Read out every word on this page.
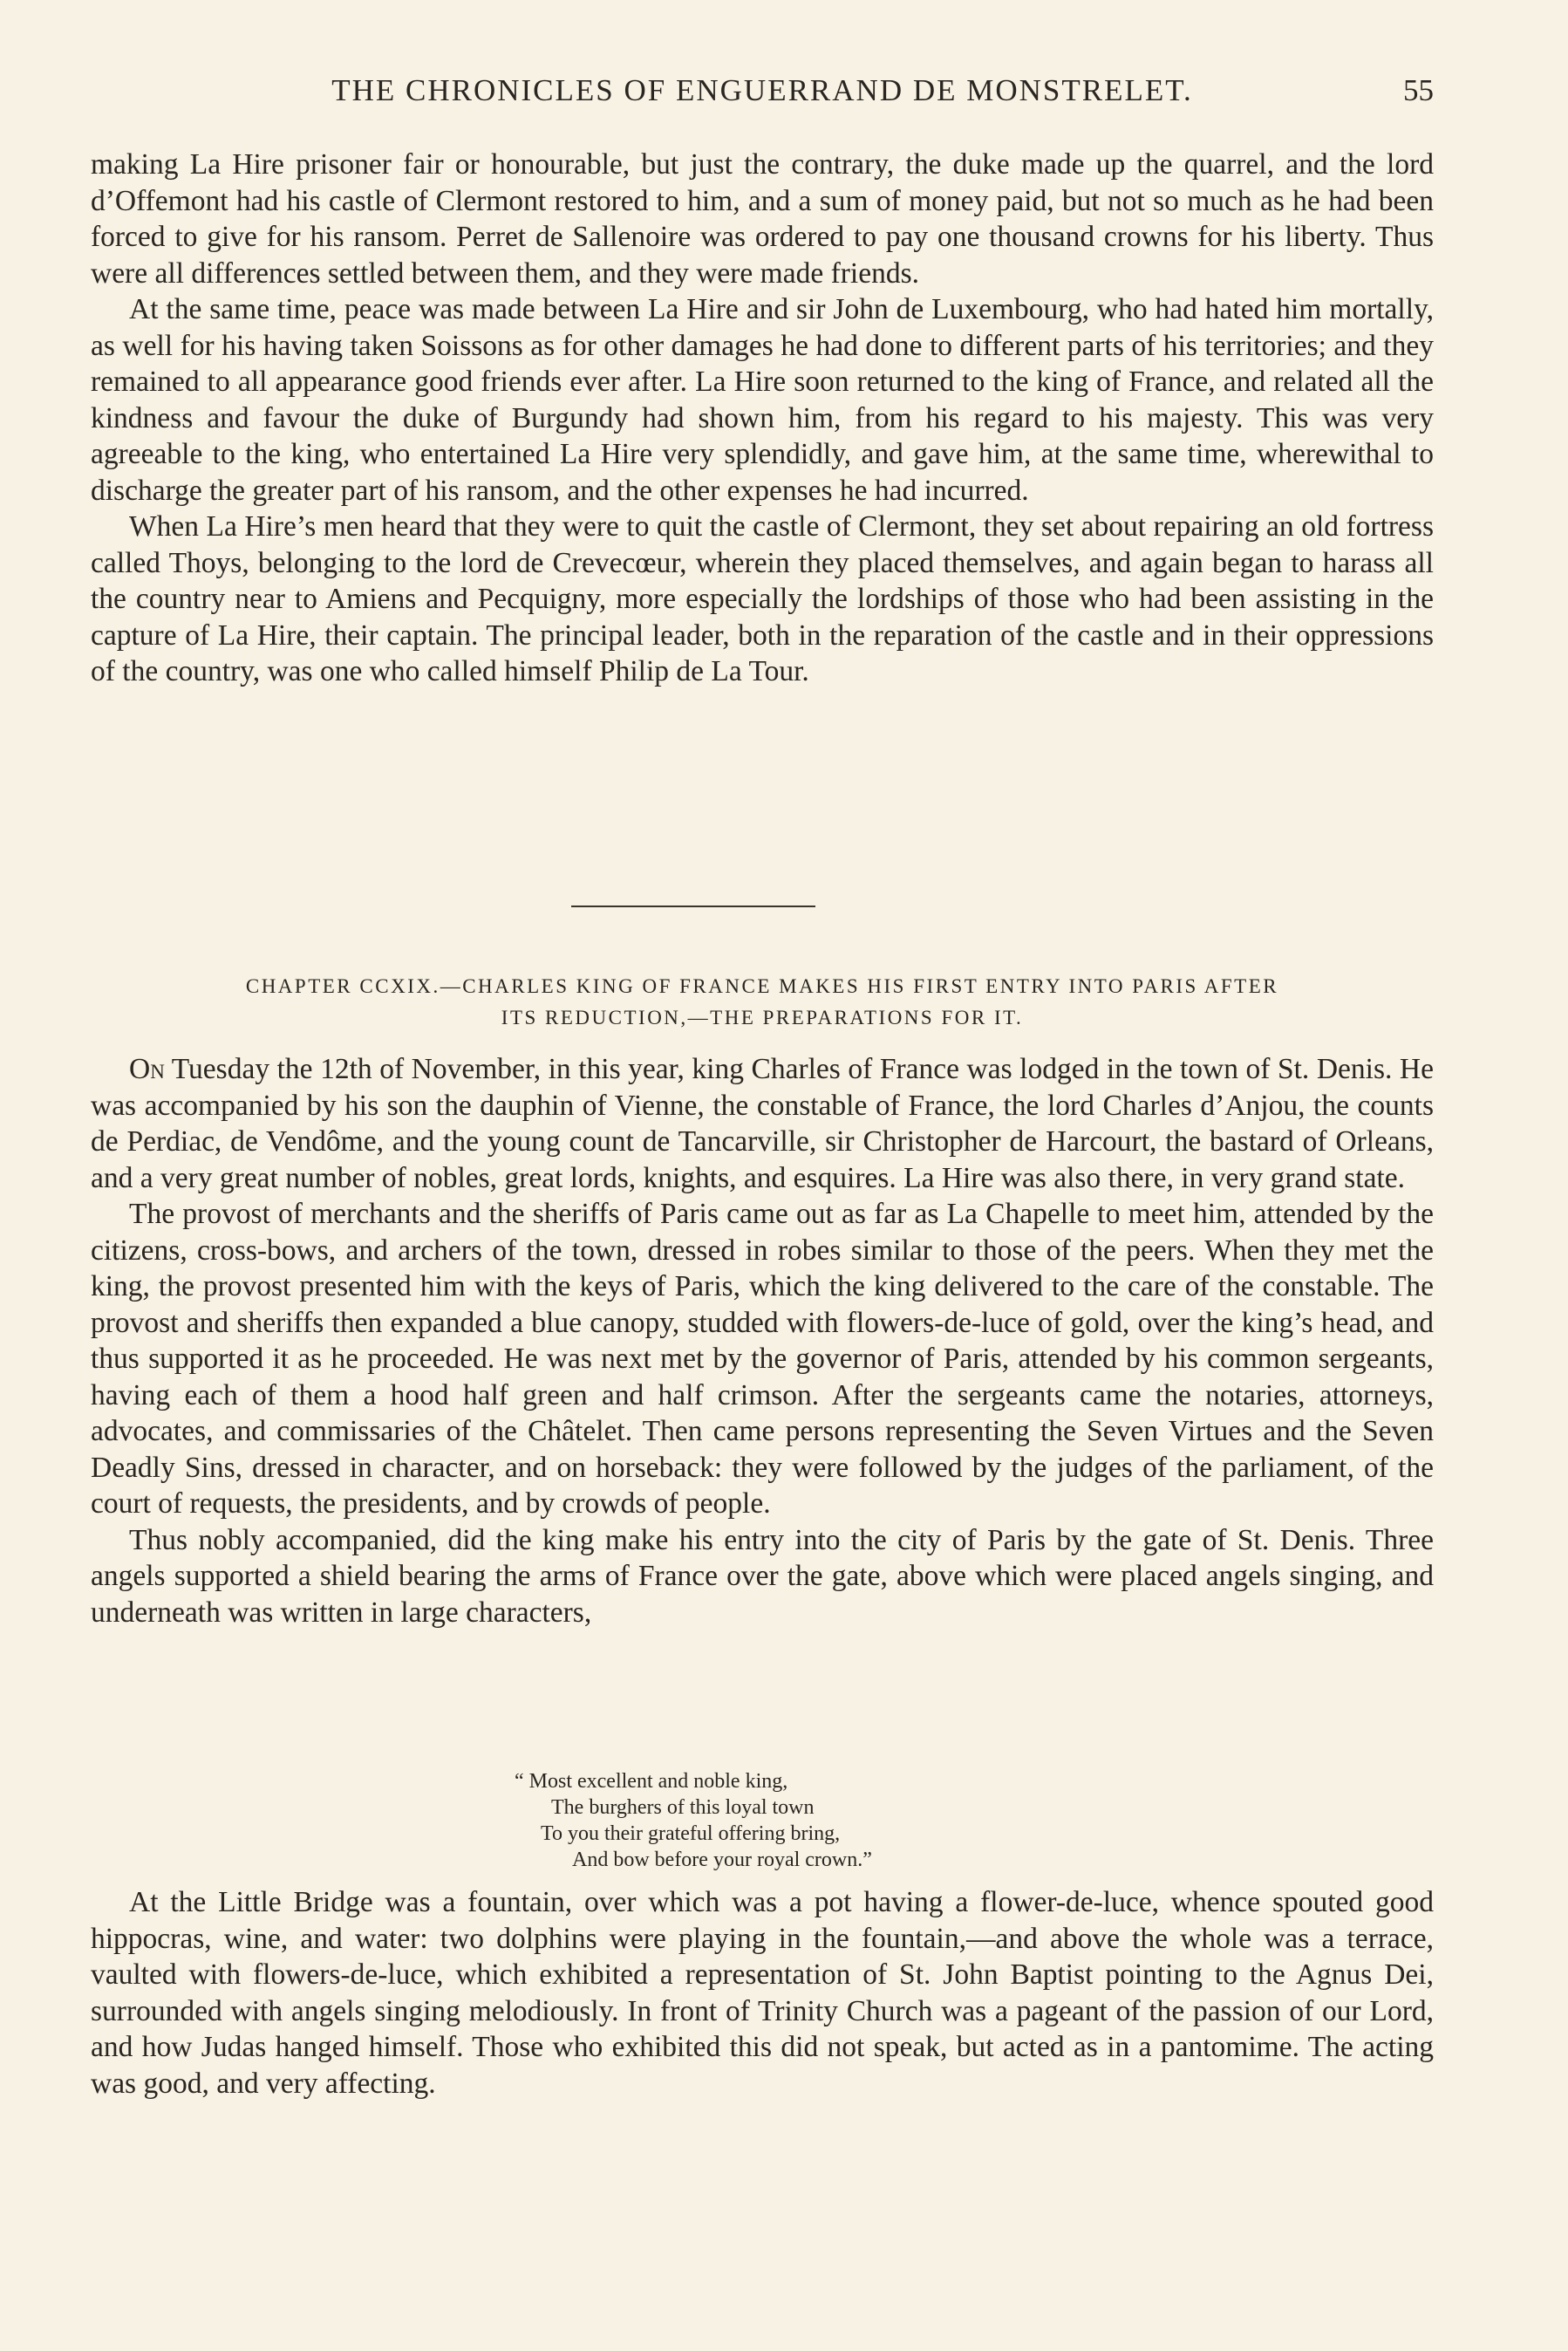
THE CHRONICLES OF ENGUERRAND DE MONSTRELET.	55

making La Hire prisoner fair or honourable, but just the contrary, the duke made up the quarrel, and the lord d’Offemont had his castle of Clermont restored to him, and a sum of money paid, but not so much as he had been forced to give for his ransom. Perret de Sallenoire was ordered to pay one thousand crowns for his liberty. Thus were all differences settled between them, and they were made friends.

At the same time, peace was made between La Hire and sir John de Luxembourg, who had hated him mortally, as well for his having taken Soissons as for other damages he had done to different parts of his territories; and they remained to all appearance good friends ever after. La Hire soon returned to the king of France, and related all the kindness and favour the duke of Burgundy had shown him, from his regard to his majesty. This was very agreeable to the king, who entertained La Hire very splendidly, and gave him, at the same time, wherewithal to discharge the greater part of his ransom, and the other expenses he had incurred.

When La Hire’s men heard that they were to quit the castle of Clermont, they set about repairing an old fortress called Thoys, belonging to the lord de Crevecœur, wherein they placed themselves, and again began to harass all the country near to Amiens and Pecquigny, more especially the lordships of those who had been assisting in the capture of La Hire, their captain. The principal leader, both in the reparation of the castle and in their oppressions of the country, was one who called himself Philip de La Tour.

CHAPTER CCXIX.—CHARLES KING OF FRANCE MAKES HIS FIRST ENTRY INTO PARIS AFTER
ITS REDUCTION,—THE PREPARATIONS FOR IT.

On Tuesday the 12th of November, in this year, king Charles of France was lodged in the town of St. Denis. He was accompanied by his son the dauphin of Vienne, the constable of France, the lord Charles d’Anjou, the counts de Perdiac, de Vendôme, and the young count de Tancarville, sir Christopher de Harcourt, the bastard of Orleans, and a very great number of nobles, great lords, knights, and esquires. La Hire was also there, in very grand state.

The provost of merchants and the sheriffs of Paris came out as far as La Chapelle to meet him, attended by the citizens, cross-bows, and archers of the town, dressed in robes similar to those of the peers. When they met the king, the provost presented him with the keys of Paris, which the king delivered to the care of the constable. The provost and sheriffs then expanded a blue canopy, studded with flowers-de-luce of gold, over the king’s head, and thus supported it as he proceeded. He was next met by the governor of Paris, attended by his common sergeants, having each of them a hood half green and half crimson. After the sergeants came the notaries, attorneys, advocates, and commissaries of the Châtelet. Then came persons representing the Seven Virtues and the Seven Deadly Sins, dressed in character, and on horseback: they were followed by the judges of the parliament, of the court of requests, the presidents, and by crowds of people.

Thus nobly accompanied, did the king make his entry into the city of Paris by the gate of St. Denis. Three angels supported a shield bearing the arms of France over the gate, above which were placed angels singing, and underneath was written in large characters,

“ Most excellent and noble king,
The burghers of this loyal town
To you their grateful offering bring,
And bow before your royal crown.”

At the Little Bridge was a fountain, over which was a pot having a flower-de-luce, whence spouted good hippocras, wine, and water: two dolphins were playing in the fountain,—and above the whole was a terrace, vaulted with flowers-de-luce, which exhibited a representation of St. John Baptist pointing to the Agnus Dei, surrounded with angels singing melodiously. In front of Trinity Church was a pageant of the passion of our Lord, and how Judas hanged himself. Those who exhibited this did not speak, but acted as in a pantomime. The acting was good, and very affecting.
